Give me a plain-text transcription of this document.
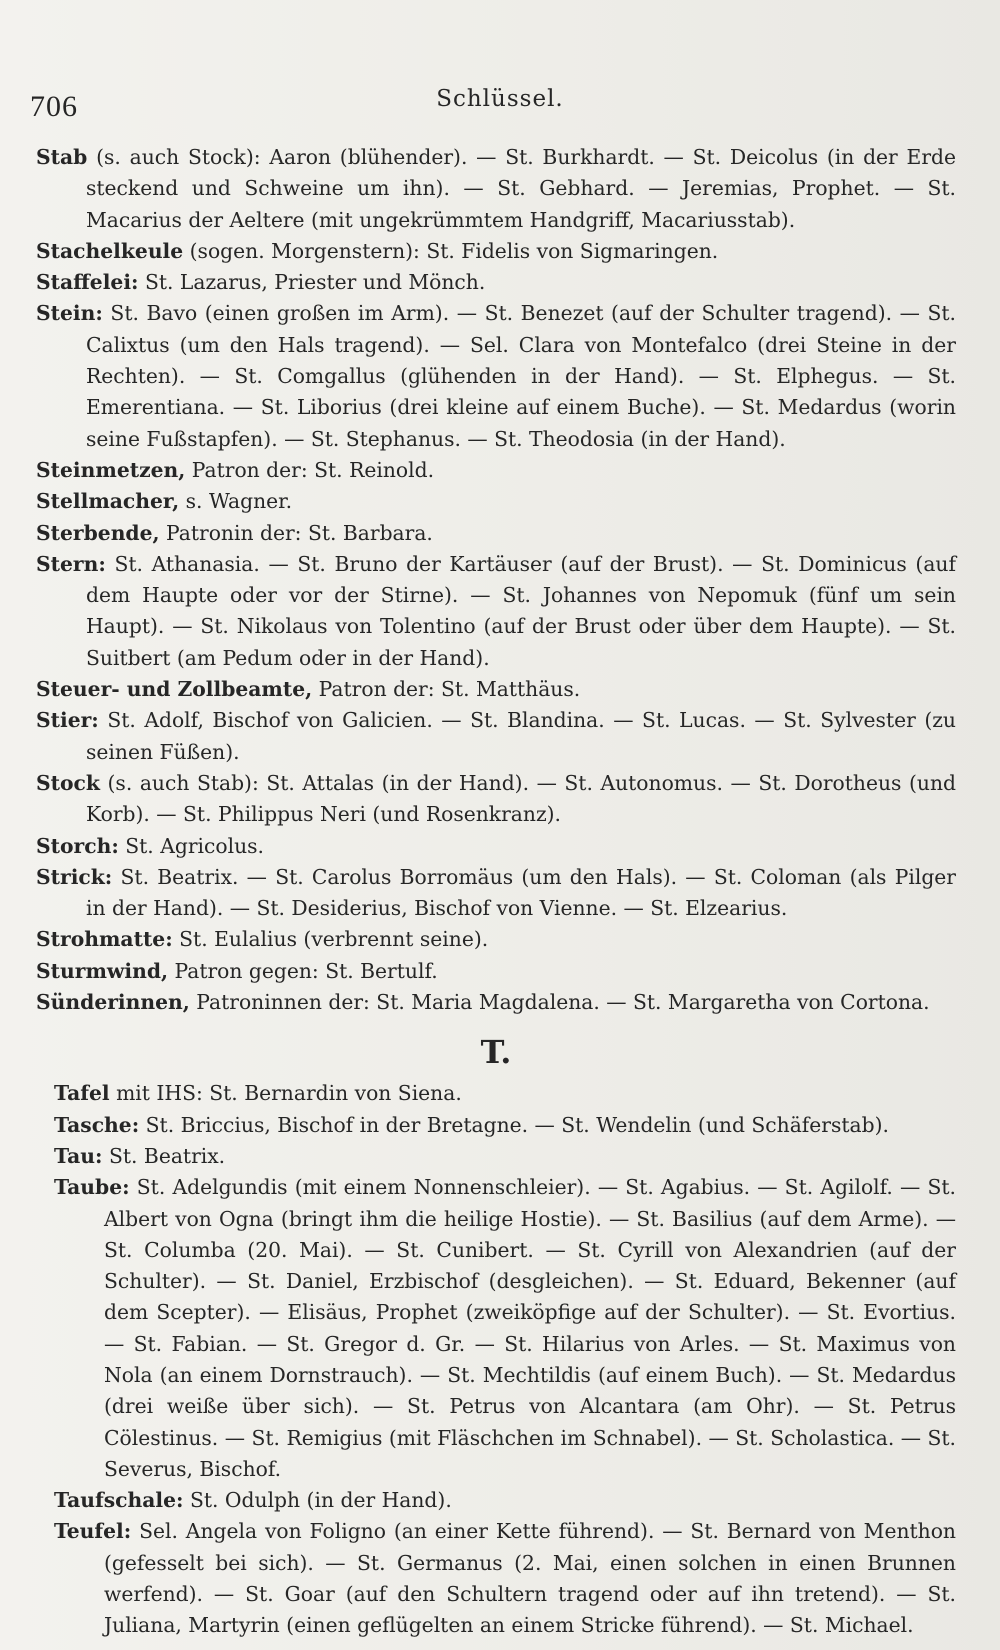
706	Schlüssel.
Stab (s. auch Stock): Aaron (blühender). — St. Burkhardt. — St. Deicolus (in der Erde steckend und Schweine um ihn). — St. Gebhard. — Jeremias, Prophet. — St. Macarius der Aeltere (mit ungekrümmtem Handgriff, Macariusstab).
Stachelkeule (sogen. Morgenstern): St. Fidelis von Sigmaringen.
Staffelei: St. Lazarus, Priester und Mönch.
Stein: St. Bavo (einen großen im Arm). — St. Benezet (auf der Schulter tragend). — St. Calixtus (um den Hals tragend). — Sel. Clara von Montefalco (drei Steine in der Rechten). — St. Comgallus (glühenden in der Hand). — St. Elphegus. — St. Emerentiana. — St. Liborius (drei kleine auf einem Buche). — St. Medardus (worin seine Fußstapfen). — St. Stephanus. — St. Theodosia (in der Hand).
Steinmetzen, Patron der: St. Reinold.
Stellmacher, s. Wagner.
Sterbende, Patronin der: St. Barbara.
Stern: St. Athanasia. — St. Bruno der Kartäuser (auf der Brust). — St. Dominicus (auf dem Haupte oder vor der Stirne). — St. Johannes von Nepomuk (fünf um sein Haupt). — St. Nikolaus von Tolentino (auf der Brust oder über dem Haupte). — St. Suitbert (am Pedum oder in der Hand).
Steuer- und Zollbeamte, Patron der: St. Matthäus.
Stier: St. Adolf, Bischof von Galicien. — St. Blandina. — St. Lucas. — St. Sylvester (zu seinen Füßen).
Stock (s. auch Stab): St. Attalas (in der Hand). — St. Autonomus. — St. Dorotheus (und Korb). — St. Philippus Neri (und Rosenkranz).
Storch: St. Agricolus.
Strick: St. Beatrix. — St. Carolus Borromäus (um den Hals). — St. Coloman (als Pilger in der Hand). — St. Desiderius, Bischof von Vienne. — St. Elzearius.
Strohmatte: St. Eulalius (verbrennt seine).
Sturmwind, Patron gegen: St. Bertulf.
Sünderinnen, Patroninnen der: St. Maria Magdalena. — St. Margaretha von Cortona.
T.
Tafel mit IHS: St. Bernardin von Siena.
Tasche: St. Briccius, Bischof in der Bretagne. — St. Wendelin (und Schäferstab).
Tau: St. Beatrix.
Taube: St. Adelgundis (mit einem Nonnenschleier). — St. Agabius. — St. Agilolf. — St. Albert von Ogna (bringt ihm die heilige Hostie). — St. Basilius (auf dem Arme). — St. Columba (20. Mai). — St. Cunibert. — St. Cyrill von Alexandrien (auf der Schulter). — St. Daniel, Erzbischof (desgleichen). — St. Eduard, Bekenner (auf dem Scepter). — Elisäus, Prophet (zweiköpfige auf der Schulter). — St. Evortius. — St. Fabian. — St. Gregor d. Gr. — St. Hilarius von Arles. — St. Maximus von Nola (an einem Dornstrauch). — St. Mechtildis (auf einem Buch). — St. Medardus (drei weiße über sich). — St. Petrus von Alcantara (am Ohr). — St. Petrus Cölestinus. — St. Remigius (mit Fläschchen im Schnabel). — St. Scholastica. — St. Severus, Bischof.
Taufschale: St. Odulph (in der Hand).
Teufel: Sel. Angela von Foligno (an einer Kette führend). — St. Bernard von Menthon (gefesselt bei sich). — St. Germanus (2. Mai, einen solchen in einen Brunnen werfend). — St. Goar (auf den Schultern tragend oder auf ihn tretend). — St. Juliana, Martyrin (einen geflügelten an einem Stricke führend). — St. Michael.
